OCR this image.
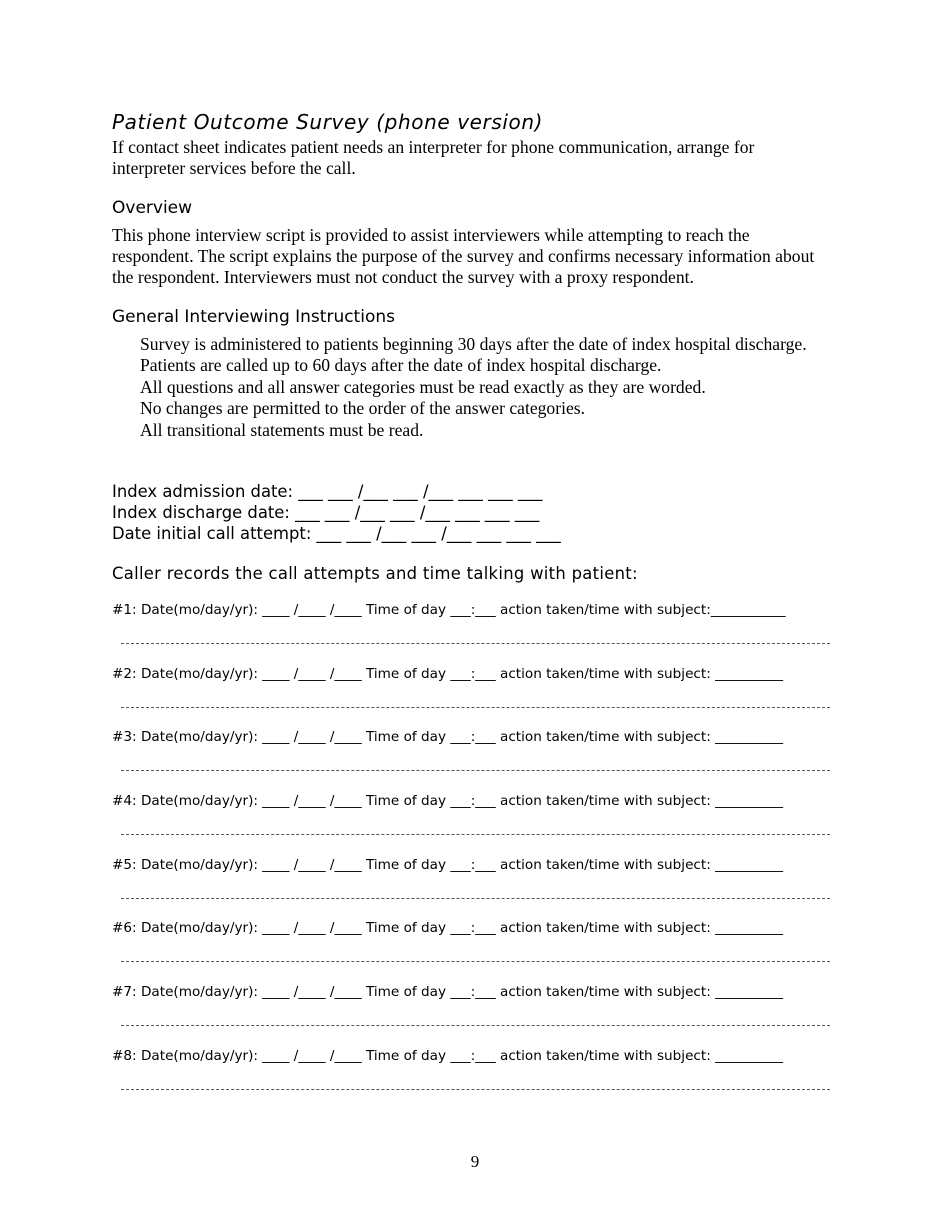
Patient Outcome Survey (phone version)
If contact sheet indicates patient needs an interpreter for phone communication, arrange for interpreter services before the call.
Overview
This phone interview script is provided to assist interviewers while attempting to reach the respondent. The script explains the purpose of the survey and confirms necessary information about the respondent. Interviewers must not conduct the survey with a proxy respondent.
General Interviewing Instructions
Survey is administered to patients beginning 30 days after the date of index hospital discharge.
Patients are called up to 60 days after the date of index hospital discharge.
All questions and all answer categories must be read exactly as they are worded.
No changes are permitted to the order of the answer categories.
All transitional statements must be read.
Index admission date: ___ ___ /___ ___ /___ ___ ___ ___
Index discharge date: ___ ___ /___ ___ /___ ___ ___ ___
Date initial call attempt: ___ ___ /___ ___ /___ ___ ___ ___
Caller records the call attempts and time talking with patient:
#1: Date(mo/day/yr): ____ /____ /____ Time of day ___:___ action taken/time with subject:___________
#2: Date(mo/day/yr): ____ /____ /____ Time of day ___:___ action taken/time with subject: __________
#3: Date(mo/day/yr): ____ /____ /____ Time of day ___:___ action taken/time with subject: __________
#4: Date(mo/day/yr): ____ /____ /____ Time of day ___:___ action taken/time with subject: __________
#5: Date(mo/day/yr): ____ /____ /____ Time of day ___:___ action taken/time with subject: __________
#6: Date(mo/day/yr): ____ /____ /____ Time of day ___:___ action taken/time with subject: __________
#7: Date(mo/day/yr): ____ /____ /____ Time of day ___:___ action taken/time with subject: __________
#8: Date(mo/day/yr): ____ /____ /____ Time of day ___:___ action taken/time with subject: __________
9
